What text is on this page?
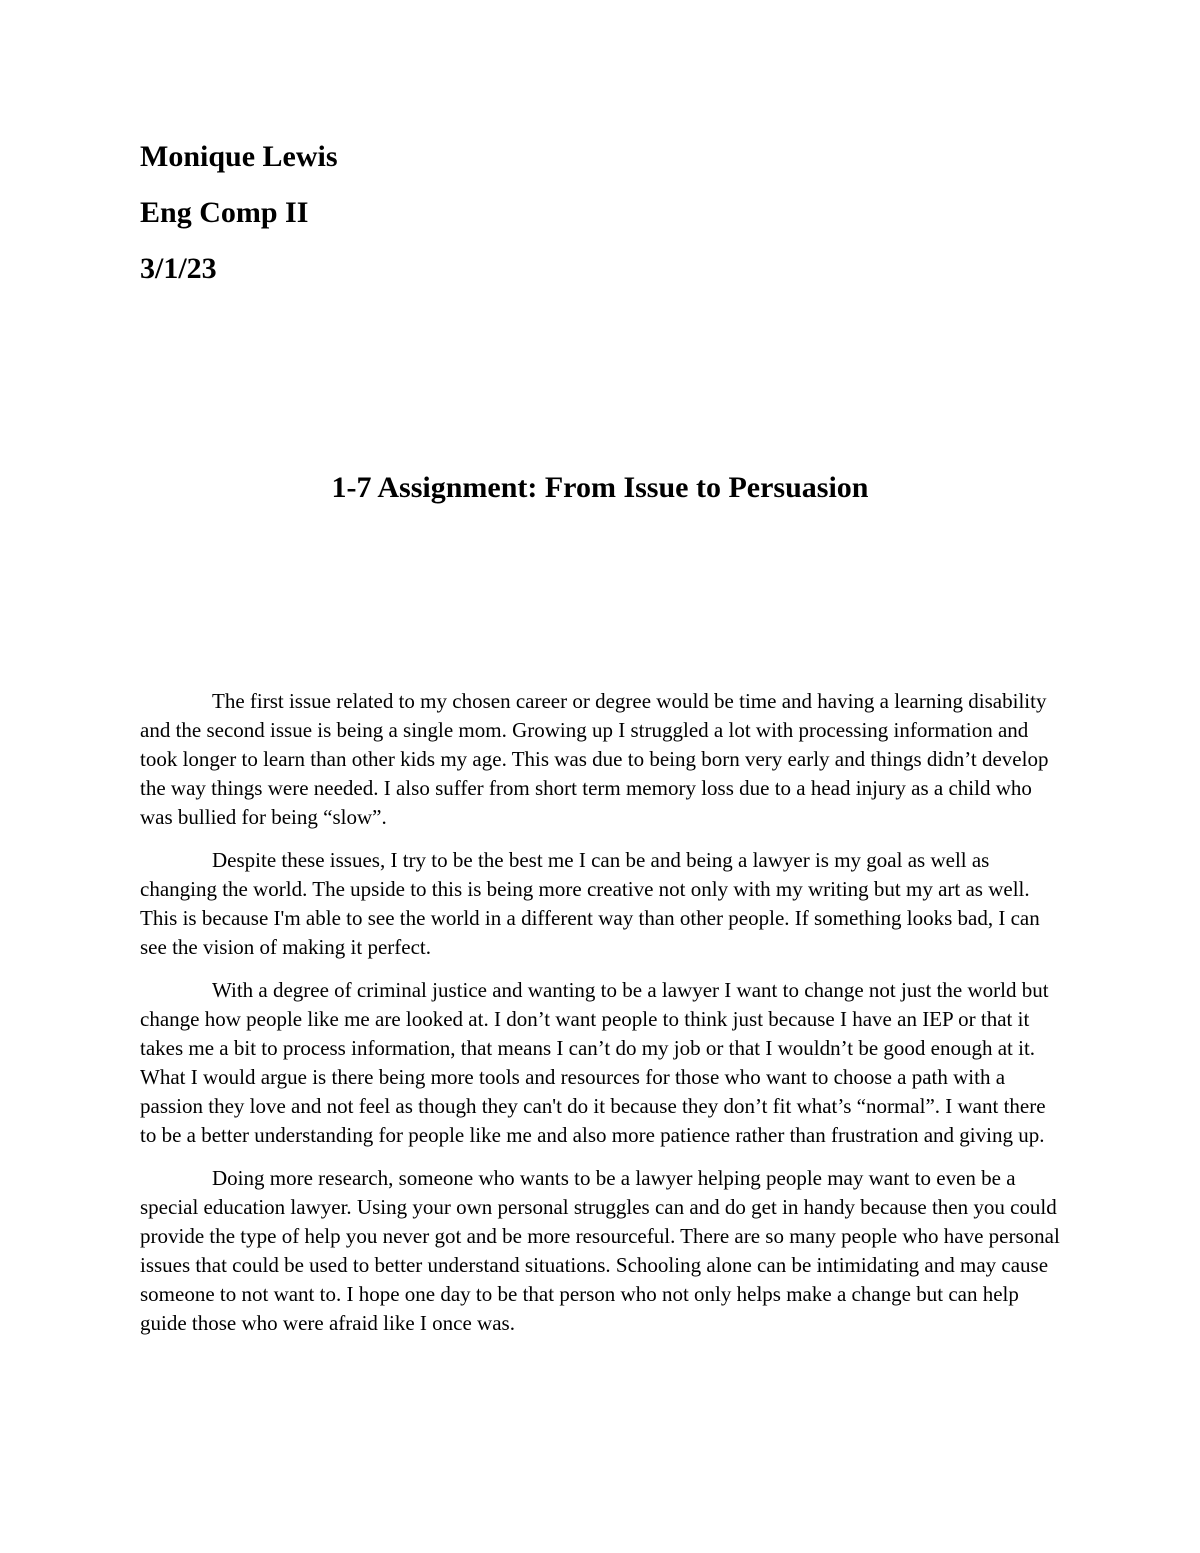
Monique Lewis

Eng Comp II

3/1/23

1-7 Assignment: From Issue to Persuasion

The first issue related to my chosen career or degree would be time and having a learning disability and the second issue is being a single mom. Growing up I struggled a lot with processing information and took longer to learn than other kids my age. This was due to being born very early and things didn’t develop the way things were needed. I also suffer from short term memory loss due to a head injury as a child who was bullied for being “slow”.

Despite these issues, I try to be the best me I can be and being a lawyer is my goal as well as changing the world. The upside to this is being more creative not only with my writing but my art as well. This is because I'm able to see the world in a different way than other people. If something looks bad, I can see the vision of making it perfect.

With a degree of criminal justice and wanting to be a lawyer I want to change not just the world but change how people like me are looked at. I don’t want people to think just because I have an IEP or that it takes me a bit to process information, that means I can’t do my job or that I wouldn’t be good enough at it. What I would argue is there being more tools and resources for those who want to choose a path with a passion they love and not feel as though they can't do it because they don’t fit what’s “normal”. I want there to be a better understanding for people like me and also more patience rather than frustration and giving up.

Doing more research, someone who wants to be a lawyer helping people may want to even be a special education lawyer. Using your own personal struggles can and do get in handy because then you could provide the type of help you never got and be more resourceful. There are so many people who have personal issues that could be used to better understand situations. Schooling alone can be intimidating and may cause someone to not want to. I hope one day to be that person who not only helps make a change but can help guide those who were afraid like I once was.
